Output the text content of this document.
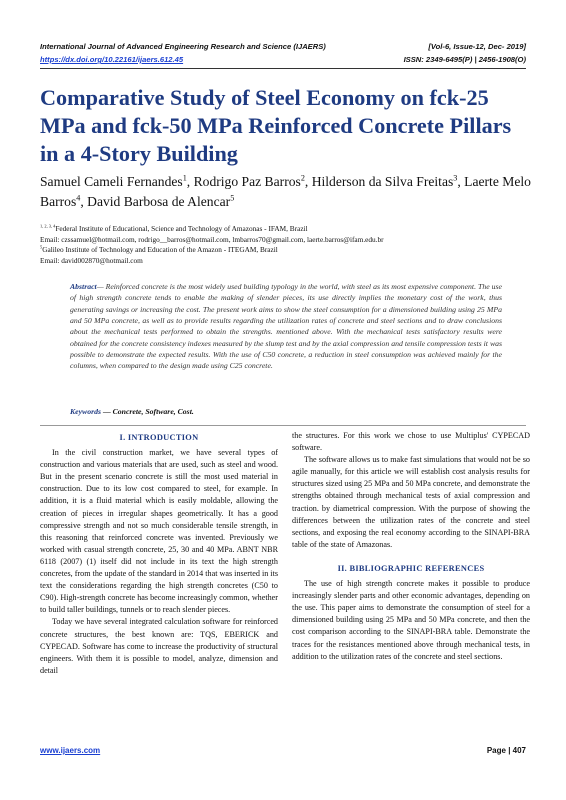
International Journal of Advanced Engineering Research and Science (IJAERS)	[Vol-6, Issue-12, Dec- 2019]
https://dx.doi.org/10.22161/ijaers.612.45	ISSN: 2349-6495(P) | 2456-1908(O)
Comparative Study of Steel Economy on fck-25 MPa and fck-50 MPa Reinforced Concrete Pillars in a 4-Story Building
Samuel Cameli Fernandes$^1$, Rodrigo Paz Barros$^2$, Hilderson da Silva Freitas$^3$, Laerte Melo Barros$^4$, David Barbosa de Alencar$^5$
$^{1, 2, 3, 4}$Federal Institute of Educational, Science and Technology of Amazonas - IFAM, Brazil
Email: czssamuel@hotmail.com, rodrigo__barros@hotmail.com, lmbarros70@gmail.com, laerte.barros@ifam.edu.br
$^5$Galileo Institute of Technology and Education of the Amazon - ITEGAM, Brazil
Email: david002870@hotmail.com
Abstract— Reinforced concrete is the most widely used building typology in the world, with steel as its most expensive component. The use of high strength concrete tends to enable the making of slender pieces, its use directly implies the monetary cost of the work, thus generating savings or increasing the cost. The present work aims to show the steel consumption for a dimensioned building using 25 MPa and 50 MPa concrete, as well as to provide results regarding the utilization rates of concrete and steel sections and to draw conclusions about the mechanical tests performed to obtain the strengths. mentioned above. With the mechanical tests satisfactory results were obtained for the concrete consistency indexes measured by the slump test and by the axial compression and tensile compression tests it was possible to demonstrate the expected results. With the use of C50 concrete, a reduction in steel consumption was achieved mainly for the columns, when compared to the design made using C25 concrete.
Keywords — Concrete, Software, Cost.
I. INTRODUCTION

In the civil construction market, we have several types of construction and various materials that are used, such as steel and wood. But in the present scenario concrete is still the most used material in construction. Due to its low cost compared to steel, for example. In addition, it is a fluid material which is easily moldable, allowing the creation of pieces in irregular shapes geometrically. It has a good compressive strength and not so much considerable tensile strength, in this reasoning that reinforced concrete was invented. Previously we worked with casual strength concrete, 25, 30 and 40 MPa. ABNT NBR 6118 (2007) (1) itself did not include in its text the high strength concretes, from the update of the standard in 2014 that was inserted in its text the considerations regarding the high strength concretes (C50 to C90). High-strength concrete has become increasingly common, whether to build taller buildings, tunnels or to reach slender pieces.

Today we have several integrated calculation software for reinforced concrete structures, the best known are: TQS, EBERICK and CYPECAD. Software has come to increase the productivity of structural engineers. With them it is possible to model, analyze, dimension and detail

the structures. For this work we chose to use Multiplus' CYPECAD software.

The software allows us to make fast simulations that would not be so agile manually, for this article we will establish cost analysis results for structures sized using 25 MPa and 50 MPa concrete, and demonstrate the strengths obtained through mechanical tests of axial compression and traction. by diametrical compression. With the purpose of showing the differences between the utilization rates of the concrete and steel sections, and exposing the real economy according to the SINAPI-BRA table of the state of Amazonas.

II. BIBLIOGRAPHIC REFERENCES

The use of high strength concrete makes it possible to produce increasingly slender parts and other economic advantages, depending on the use. This paper aims to demonstrate the consumption of steel for a dimensioned building using 25 MPa and 50 MPa concrete, and then the cost comparison according to the SINAPI-BRA table. Demonstrate the traces for the resistances mentioned above through mechanical tests, in addition to the utilization rates of the concrete and steel sections.

www.ijaers.com	Page | 407
